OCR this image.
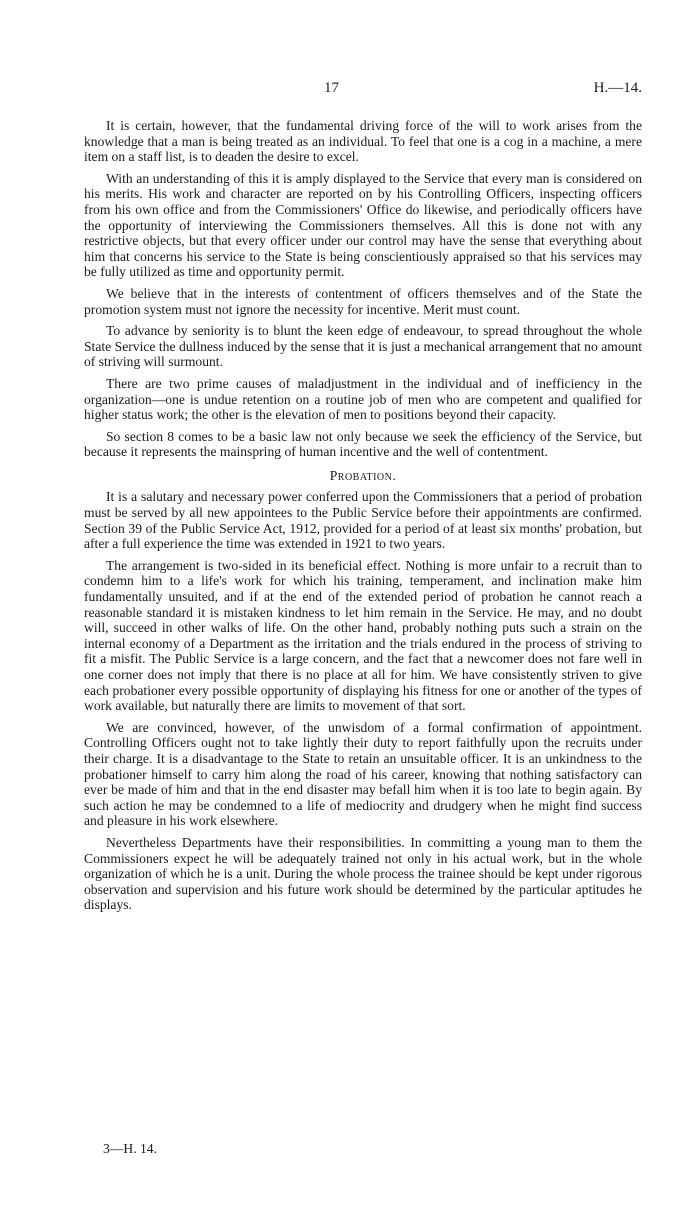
17	H.—14.

It is certain, however, that the fundamental driving force of the will to work arises from the knowledge that a man is being treated as an individual. To feel that one is a cog in a machine, a mere item on a staff list, is to deaden the desire to excel.

With an understanding of this it is amply displayed to the Service that every man is considered on his merits. His work and character are reported on by his Controlling Officers, inspecting officers from his own office and from the Commissioners' Office do likewise, and periodically officers have the opportunity of interviewing the Commissioners themselves. All this is done not with any restrictive objects, but that every officer under our control may have the sense that everything about him that concerns his service to the State is being conscientiously appraised so that his services may be fully utilized as time and opportunity permit.

We believe that in the interests of contentment of officers themselves and of the State the promotion system must not ignore the necessity for incentive. Merit must count.

To advance by seniority is to blunt the keen edge of endeavour, to spread throughout the whole State Service the dullness induced by the sense that it is just a mechanical arrangement that no amount of striving will surmount.

There are two prime causes of maladjustment in the individual and of inefficiency in the organization—one is undue retention on a routine job of men who are competent and qualified for higher status work; the other is the elevation of men to positions beyond their capacity.

So section 8 comes to be a basic law not only because we seek the efficiency of the Service, but because it represents the mainspring of human incentive and the well of contentment.

Probation.

It is a salutary and necessary power conferred upon the Commissioners that a period of probation must be served by all new appointees to the Public Service before their appointments are confirmed. Section 39 of the Public Service Act, 1912, provided for a period of at least six months' probation, but after a full experience the time was extended in 1921 to two years.

The arrangement is two-sided in its beneficial effect. Nothing is more unfair to a recruit than to condemn him to a life's work for which his training, temperament, and inclination make him fundamentally unsuited, and if at the end of the extended period of probation he cannot reach a reasonable standard it is mistaken kindness to let him remain in the Service. He may, and no doubt will, succeed in other walks of life. On the other hand, probably nothing puts such a strain on the internal economy of a Department as the irritation and the trials endured in the process of striving to fit a misfit. The Public Service is a large concern, and the fact that a newcomer does not fare well in one corner does not imply that there is no place at all for him. We have consistently striven to give each probationer every possible opportunity of displaying his fitness for one or another of the types of work available, but naturally there are limits to movement of that sort.

We are convinced, however, of the unwisdom of a formal confirmation of appointment. Controlling Officers ought not to take lightly their duty to report faithfully upon the recruits under their charge. It is a disadvantage to the State to retain an unsuitable officer. It is an unkindness to the probationer himself to carry him along the road of his career, knowing that nothing satisfactory can ever be made of him and that in the end disaster may befall him when it is too late to begin again. By such action he may be condemned to a life of mediocrity and drudgery when he might find success and pleasure in his work elsewhere.

Nevertheless Departments have their responsibilities. In committing a young man to them the Commissioners expect he will be adequately trained not only in his actual work, but in the whole organization of which he is a unit. During the whole process the trainee should be kept under rigorous observation and supervision and his future work should be determined by the particular aptitudes he displays.

3—H. 14.
